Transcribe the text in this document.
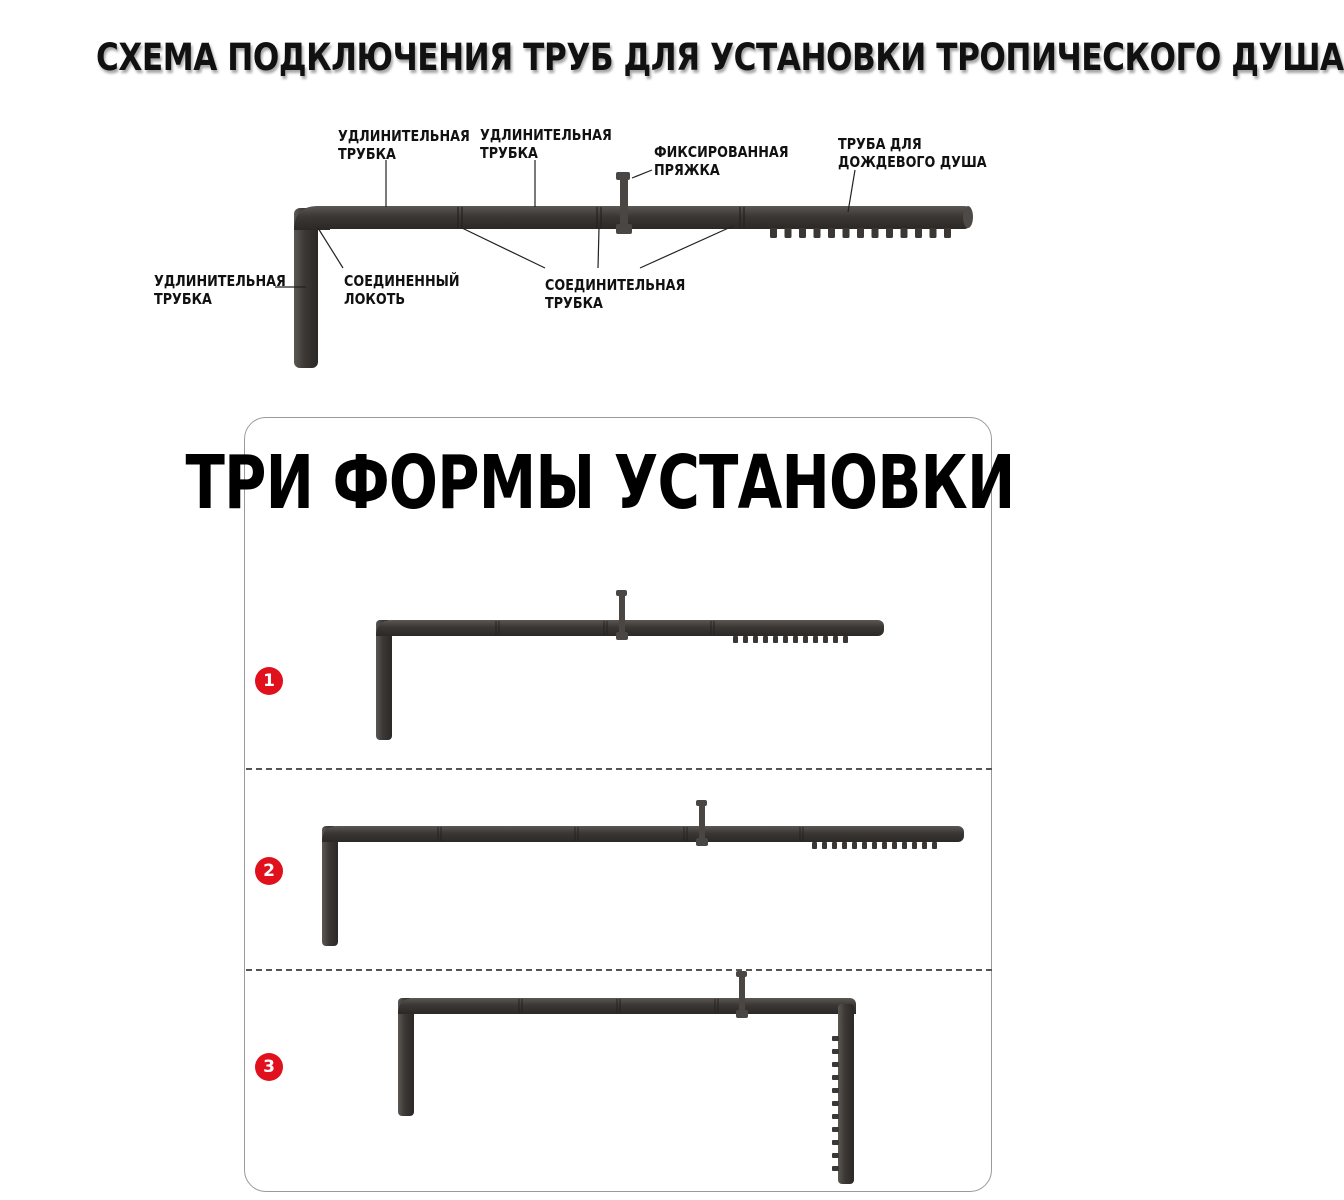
СХЕМА ПОДКЛЮЧЕНИЯ ТРУБ ДЛЯ УСТАНОВКИ ТРОПИЧЕСКОГО ДУША
УДЛИНИТЕЛЬНАЯ
ТРУБКА
УДЛИНИТЕЛЬНАЯ
ТРУБКА	ФИКСИРОВАННАЯ
ПРЯЖКА
ТРУБА ДЛЯ
ДОЖДЕВОГО ДУША
УДЛИНИТЕЛЬНАЯ
ТРУБКА
СОЕДИНЕННЫЙ
ЛОКОТЬ
СОЕДИНИТЕЛЬНАЯ
ТРУБКА
ТРИ ФОРМЫ УСТАНОВКИ
1
2
3
